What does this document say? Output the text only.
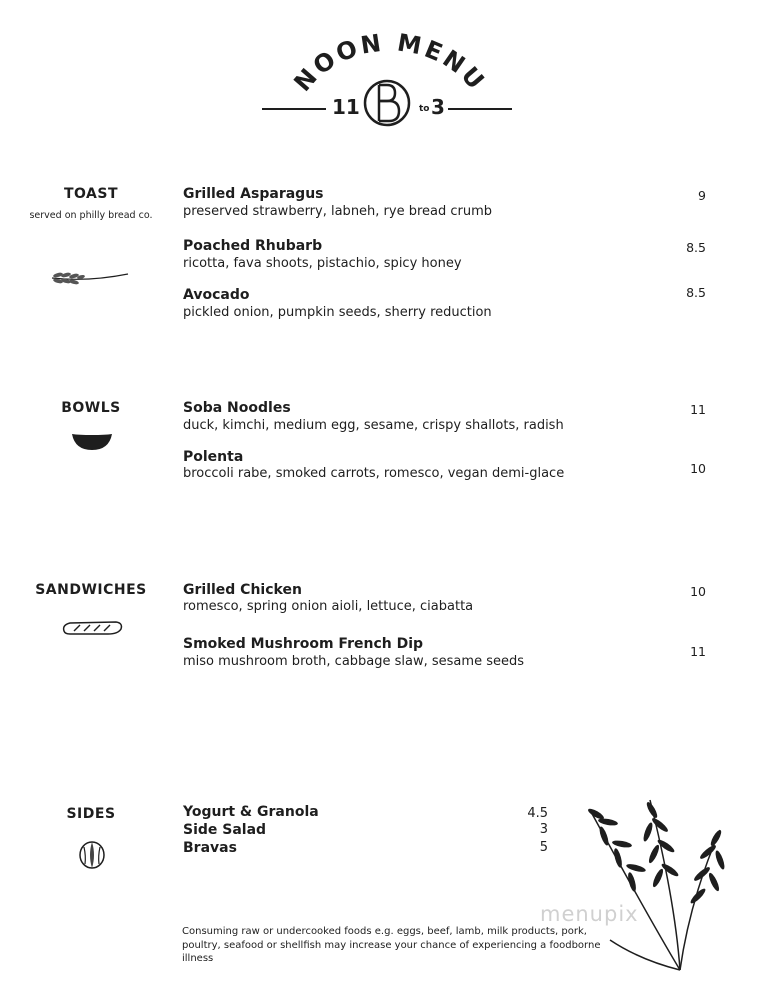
NOON MENU
11	to 3
TOAST
served on philly bread co.
Grilled Asparagus
preserved strawberry, labneh, rye bread crumb
9
Poached Rhubarb
ricotta, fava shoots, pistachio, spicy honey
8.5
Avocado
pickled onion, pumpkin seeds, sherry reduction
8.5
BOWLS	Soba Noodles
duck, kimchi, medium egg, sesame, crispy shallots, radish
11
Polenta
broccoli rabe, smoked carrots, romesco, vegan demi-glace	10
SANDWICHES	Grilled Chicken
romesco, spring onion aioli, lettuce, ciabatta
10
Smoked Mushroom French Dip
miso mushroom broth, cabbage slaw, sesame seeds
11
SIDES	Yogurt & Granola	4.5
Side Salad	3
Bravas	5
menupix
Consuming raw or undercooked foods e.g. eggs, beef, lamb, milk products, pork,
poultry, seafood or shellfish may increase your chance of experiencing a foodborne illness
